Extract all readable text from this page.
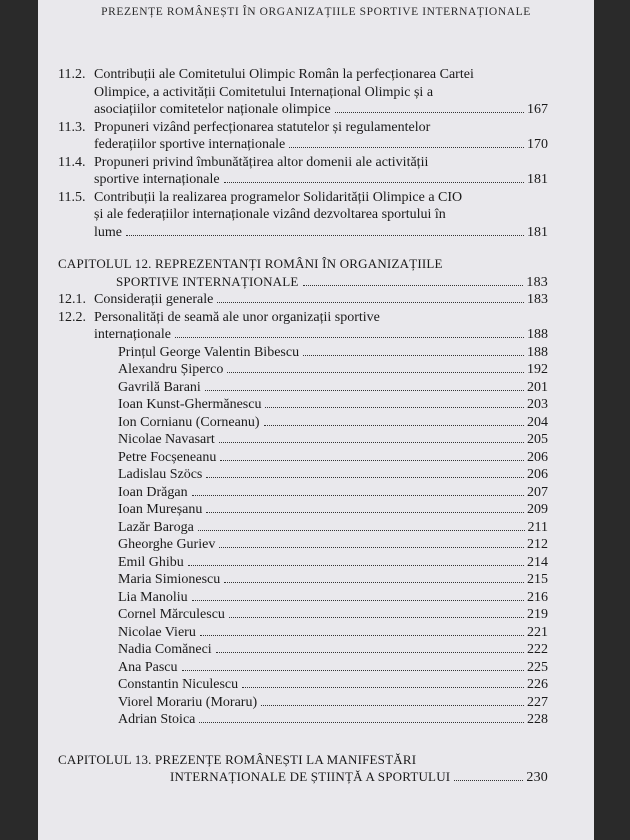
PREZENȚE ROMÂNEȘTI ÎN ORGANIZAȚIILE SPORTIVE INTERNAȚIONALE
11.2. Contribuții ale Comitetului Olimpic Român la perfecționarea Cartei
Olimpice, a activității Comitetului Internațional Olimpic și a
asociațiilor comitetelor naționale olimpice	167
11.3. Propuneri vizând perfecționarea statutelor și regulamentelor
federațiilor sportive internaționale	170
11.4. Propuneri privind îmbunătățirea altor domenii ale activității
sportive internaționale	181
11.5. Contribuții la realizarea programelor Solidarității Olimpice a CIO
și ale federațiilor internaționale vizând dezvoltarea sportului în
lume	181
CAPITOLUL 12. REPREZENTANȚI ROMÂNI ÎN ORGANIZAȚIILE
SPORTIVE INTERNAȚIONALE	183
12.1. Considerații generale	183
12.2. Personalități de seamă ale unor organizații sportive
internaționale	188
Prințul George Valentin Bibescu	188
Alexandru Șiperco	192
Gavrilă Barani	201
Ioan Kunst-Ghermănescu	203
Ion Cornianu (Corneanu)	204
Nicolae Navasart	205
Petre Focșeneanu	206
Ladislau Szöcs	206
Ioan Drăgan	207
Ioan Mureșanu	209
Lazăr Baroga	211
Gheorghe Guriev	212
Emil Ghibu	214
Maria Simionescu	215
Lia Manoliu	216
Cornel Mărculescu	219
Nicolae Vieru	221
Nadia Comăneci	222
Ana Pascu	225
Constantin Niculescu	226
Viorel Morariu (Moraru)	227
Adrian Stoica	228
CAPITOLUL 13. PREZENȚE ROMÂNEȘTI LA MANIFESTĂRI
INTERNAȚIONALE DE ȘTIINȚĂ A SPORTULUI	230
